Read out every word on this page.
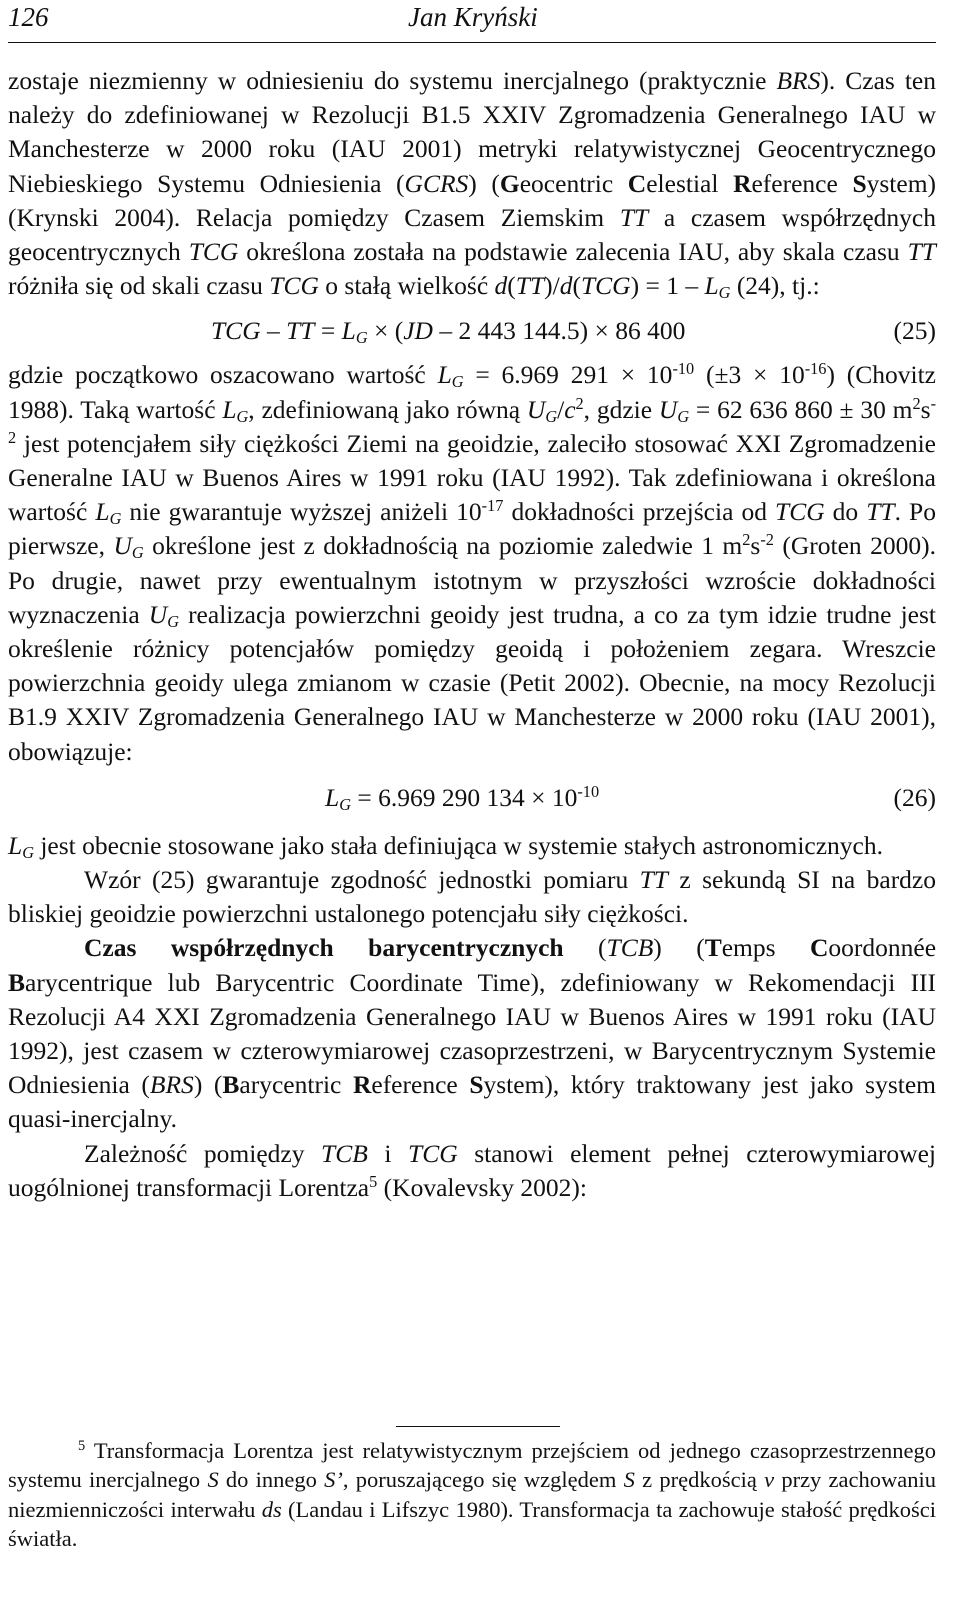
126	Jan Kryński

zostaje niezmienny w odniesieniu do systemu inercjalnego (praktycznie BRS). Czas ten należy do zdefiniowanej w Rezolucji B1.5 XXIV Zgromadzenia Generalnego IAU w Manchesterze w 2000 roku (IAU 2001) metryki relatywistycznej Geocentrycznego Niebieskiego Systemu Odniesienia (GCRS) (Geocentric Celestial Reference System) (Krynski 2004). Relacja pomiędzy Czasem Ziemskim TT a czasem współrzędnych geocentrycznych TCG określona została na podstawie zalecenia IAU, aby skala czasu TT różniła się od skali czasu TCG o stałą wielkość $d(TT)/d(TCG) = 1 - L_G$ (24), tj.:

TCG – TT = $L_G \times (JD - 2$ 443 144.5) × 86 400	(25)

gdzie początkowo oszacowano wartość $L_G = 6.969$ $291 \times 10^{-10}$ $(\pm 3 \times 10^{-16})$ (Chovitz 1988). Taką wartość $L_G$, zdefiniowaną jako równą $U_G/c^2$, gdzie $U_G = 62$ 636 860 ± 30 $m^2s^{-2}$ jest potencjałem siły ciężkości Ziemi na geoidzie, zaleciło stosować XXI Zgromadzenie Generalne IAU w Buenos Aires w 1991 roku (IAU 1992). Tak zdefiniowana i określona wartość $L_G$ nie gwarantuje wyższej aniżeli $10^{-17}$ dokładności przejścia od TCG do TT. Po pierwsze, $U_G$ określone jest z dokładnością na poziomie zaledwie 1 $m^2s^{-2}$ (Groten 2000). Po drugie, nawet przy ewentualnym istotnym w przyszłości wzroście dokładności wyznaczenia $U_G$ realizacja powierzchni geoidy jest trudna, a co za tym idzie trudne jest określenie różnicy potencjałów pomiędzy geoidą i położeniem zegara. Wreszcie powierzchnia geoidy ulega zmianom w czasie (Petit 2002). Obecnie, na mocy Rezolucji B1.9 XXIV Zgromadzenia Generalnego IAU w Manchesterze w 2000 roku (IAU 2001), obowiązuje:

$L_G = 6.969$ 290 $134 \times 10^{-10}$	(26)

$L_G$ jest obecnie stosowane jako stała definiująca w systemie stałych astronomicznych.

Wzór (25) gwarantuje zgodność jednostki pomiaru TT z sekundą SI na bardzo bliskiej geoidzie powierzchni ustalonego potencjału siły ciężkości.

Czas współrzędnych barycentrycznych (TCB) (Temps Coordonnée Barycentrique lub Barycentric Coordinate Time), zdefiniowany w Rekomendacji III Rezolucji A4 XXI Zgromadzenia Generalnego IAU w Buenos Aires w 1991 roku (IAU 1992), jest czasem w czterowymiarowej czasoprzestrzeni, w Barycentrycznym Systemie Odniesienia (BRS) (Barycentric Reference System), który traktowany jest jako system quasi-inercjalny.

Zależność pomiędzy TCB i TCG stanowi element pełnej czterowymiarowej uogólnionej transformacji Lorentza$^5$ (Kovalevsky 2002):

$^5$ Transformacja Lorentza jest relatywistycznym przejściem od jednego czasoprzestrzennego systemu inercjalnego S do innego S’, poruszającego się względem S z prędkością v przy zachowaniu niezmienniczości interwału ds (Landau i Lifszyc 1980). Transformacja ta zachowuje stałość prędkości światła.
